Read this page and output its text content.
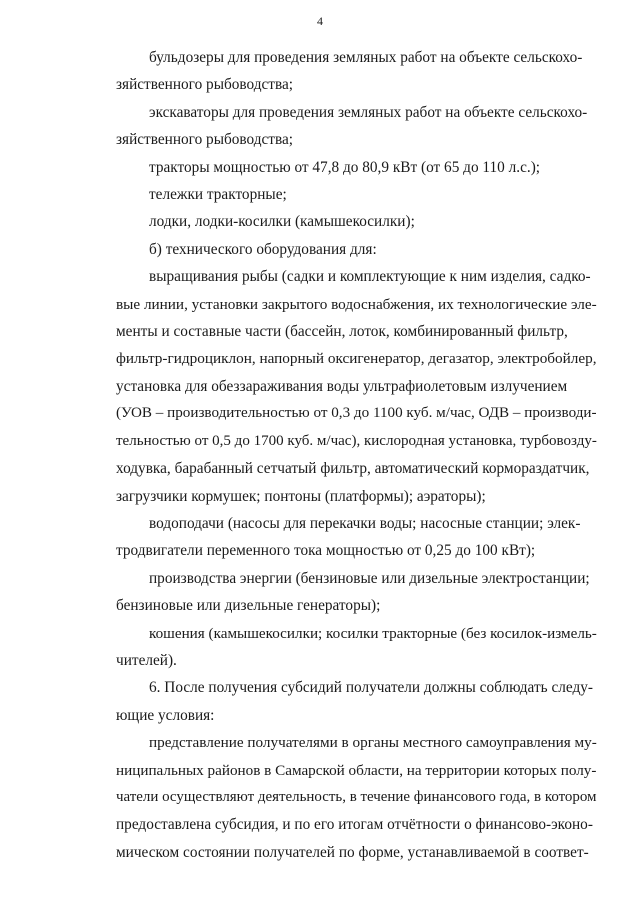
4

бульдозеры для проведения земляных работ на объекте сельскохо-
зяйственного рыбоводства;

экскаваторы для проведения земляных работ на объекте сельскохо-
зяйственного рыбоводства;

тракторы мощностью от 47,8 до 80,9 кВт (от 65 до 110 л.с.);

тележки тракторные;

лодки, лодки-косилки (камышекосилки);

б) технического оборудования для:

выращивания рыбы (садки и комплектующие к ним изделия, садко-
вые линии, установки закрытого водоснабжения, их технологические эле-
менты и составные части (бассейн, лоток, комбинированный фильтр,
фильтр-гидроциклон, напорный оксигенератор, дегазатор, электробойлер,
установка для обеззараживания воды ультрафиолетовым излучением
(УОВ – производительностью от 0,3 до 1100 куб. м/час, ОДВ – производи-
тельностью от 0,5 до 1700 куб. м/час), кислородная установка, турбовозду-
ходувка, барабанный сетчатый фильтр, автоматический кормораздатчик,
загрузчики кормушек; понтоны (платформы); аэраторы);

водоподачи (насосы для перекачки воды; насосные станции; элек-
тродвигатели переменного тока мощностью от 0,25 до 100 кВт);

производства энергии (бензиновые или дизельные электростанции;
бензиновые или дизельные генераторы);

кошения (камышекосилки; косилки тракторные (без косилок-измель-
чителей).

6. После получения субсидий получатели должны соблюдать следу-
ющие условия:

представление получателями в органы местного самоуправления му-
ниципальных районов в Самарской области, на территории которых полу-
чатели осуществляют деятельность, в течение финансового года, в котором
предоставлена субсидия, и по его итогам отчётности о финансово-эконо-
мическом состоянии получателей по форме, устанавливаемой в соответ-
